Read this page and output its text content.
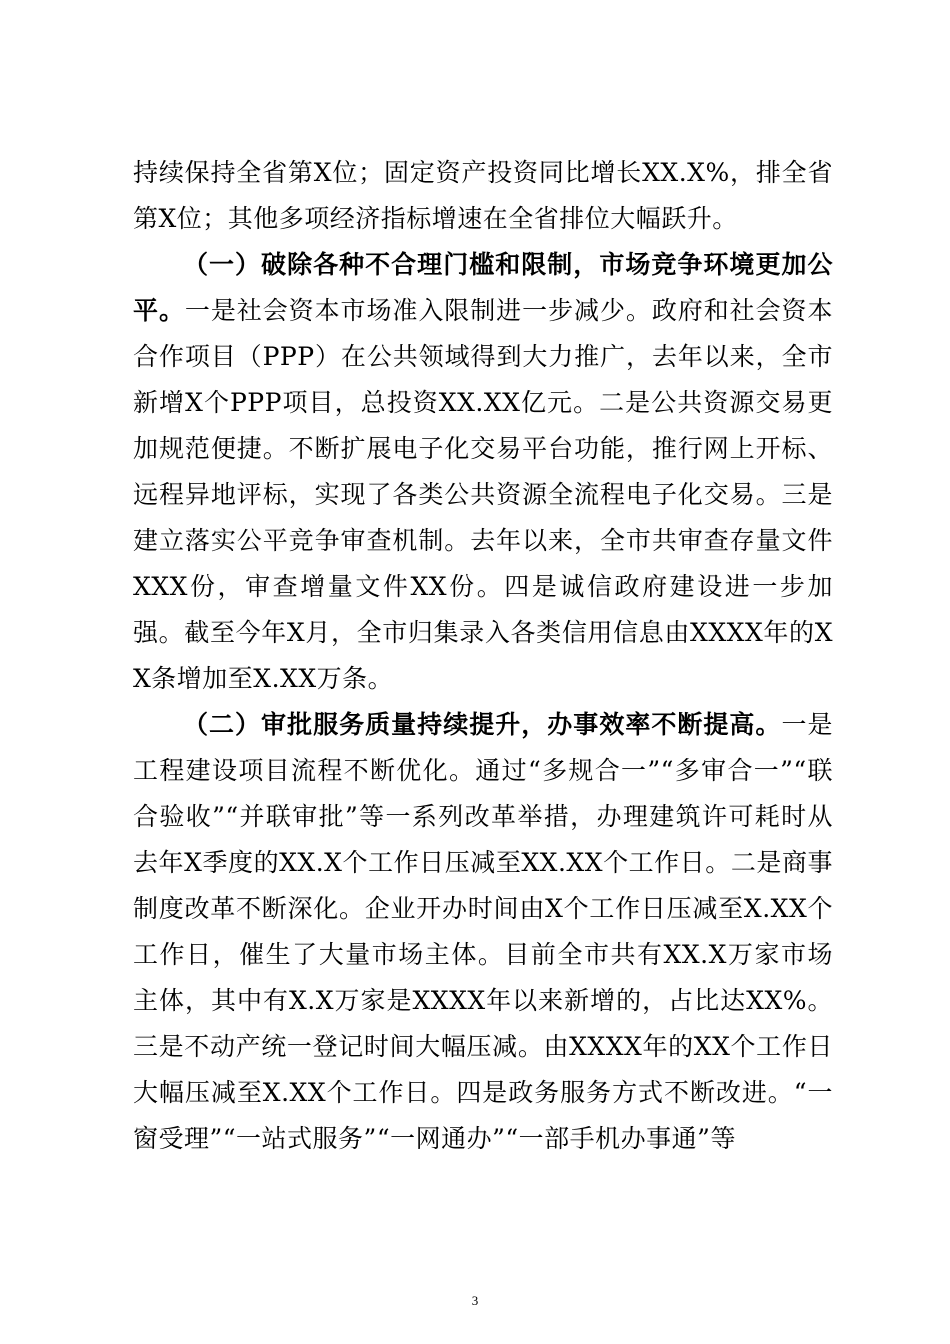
持续保持全省第X位；固定资产投资同比增长XX.X%，排全省第X位；其他多项经济指标增速在全省排位大幅跃升。

（一）破除各种不合理门槛和限制，市场竞争环境更加公平。一是社会资本市场准入限制进一步减少。政府和社会资本合作项目（PPP）在公共领域得到大力推广，去年以来，全市新增X个PPP项目，总投资XX.XX亿元。二是公共资源交易更加规范便捷。不断扩展电子化交易平台功能，推行网上开标、远程异地评标，实现了各类公共资源全流程电子化交易。三是建立落实公平竞争审查机制。去年以来，全市共审查存量文件XXX份，审查增量文件XX份。四是诚信政府建设进一步加强。截至今年X月，全市归集录入各类信用信息由XXXX年的XX条增加至X.XX万条。

（二）审批服务质量持续提升，办事效率不断提高。一是工程建设项目流程不断优化。通过“多规合一”“多审合一”“联合验收”“并联审批”等一系列改革举措，办理建筑许可耗时从去年X季度的XX.X个工作日压减至XX.XX个工作日。二是商事制度改革不断深化。企业开办时间由X个工作日压减至X.XX个工作日，催生了大量市场主体。目前全市共有XX.X万家市场主体，其中有X.X万家是XXXX年以来新增的，占比达XX%。三是不动产统一登记时间大幅压减。由XXXX年的XX个工作日大幅压减至X.XX个工作日。四是政务服务方式不断改进。“一窗受理”“一站式服务”“一网通办”“一部手机办事通”等

3
